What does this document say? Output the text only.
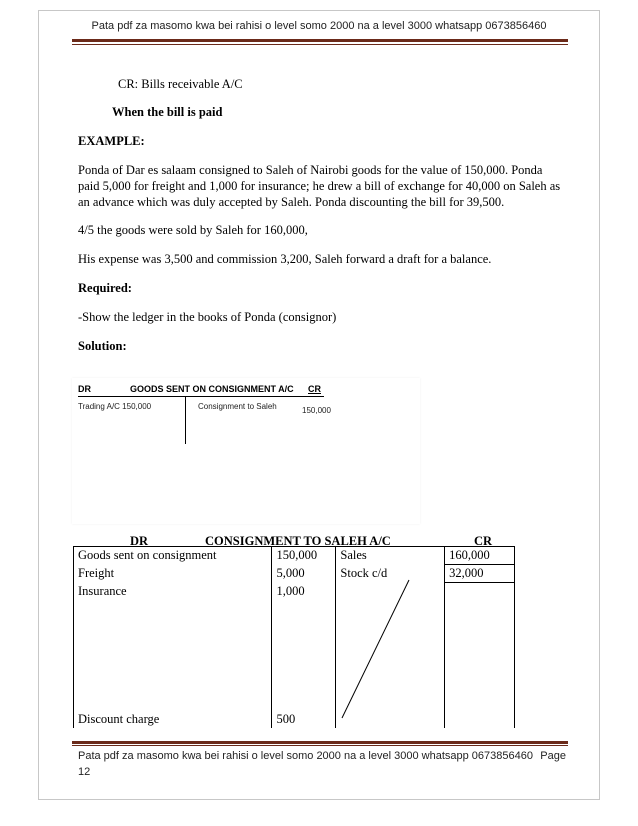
Pata pdf za masomo kwa bei rahisi o level somo 2000 na a level 3000 whatsapp 0673856460
CR: Bills receivable A/C
When the bill is paid
EXAMPLE:
Ponda of Dar es salaam consigned to Saleh of Nairobi goods for the value of 150,000. Ponda
paid 5,000 for freight and 1,000 for insurance; he drew a bill of exchange for 40,000 on Saleh as
an advance which was duly accepted by Saleh. Ponda discounting the bill for 39,500.
4/5 the goods were sold by Saleh for 160,000,
His expense was 3,500 and commission 3,200, Saleh forward a draft for a balance.
Required:
-Show the ledger in the books of Ponda (consignor)
Solution:
DR	GOODS SENT ON CONSIGNMENT A/C CR
Trading A/C 150,000	Consignment to Saleh	150,000
DR	CONSIGNMENT TO SALEH A/C	CR
Goods sent on consignment	150,000	Sales	160,000
Freight	5,000	Stock c/d	32,000
Insurance	1,000		
Discount charge	500		
Pata pdf za masomo kwa bei rahisi o level somo 2000 na a level 3000 whatsapp 0673856460 Page
12
